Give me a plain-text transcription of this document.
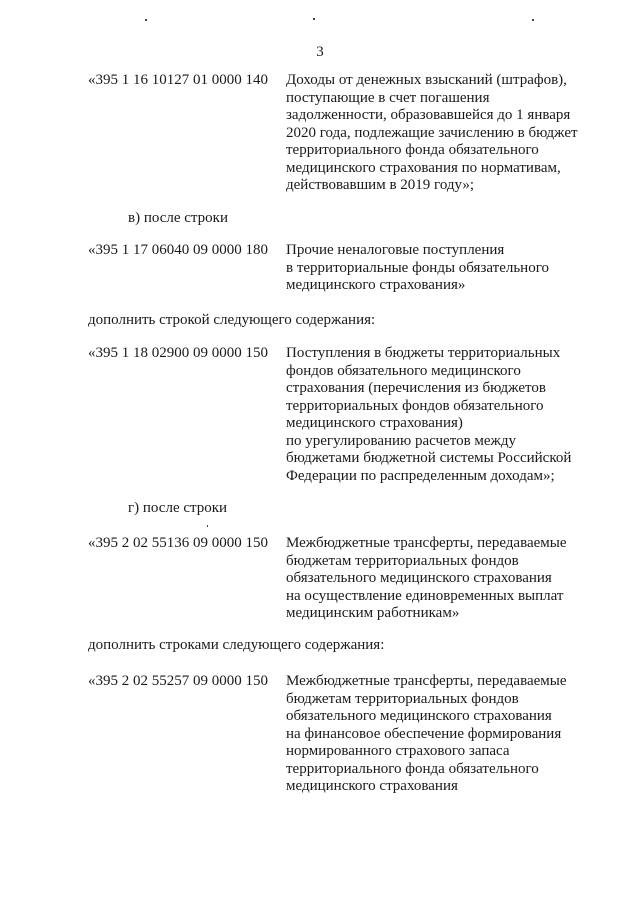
3
«395 1 16 10127 01 0000 140 Доходы от денежных взысканий (штрафов),
поступающие в счет погашения
задолженности, образовавшейся до 1 января
2020 года, подлежащие зачислению в бюджет
территориального фонда обязательного
медицинского страхования по нормативам,
действовавшим в 2019 году»;
в) после строки
«395 1 17 06040 09 0000 180 Прочие неналоговые поступления
в территориальные фонды обязательного
медицинского страхования»
дополнить строкой следующего содержания:
«395 1 18 02900 09 0000 150 Поступления в бюджеты территориальных
фондов обязательного медицинского
страхования (перечисления из бюджетов
территориальных фондов обязательного
медицинского страхования)
по урегулированию расчетов между
бюджетами бюджетной системы Российской
Федерации по распределенным доходам»;
г) после строки
«395 2 02 55136 09 0000 150 Межбюджетные трансферты, передаваемые
бюджетам территориальных фондов
обязательного медицинского страхования
на осуществление единовременных выплат
медицинским работникам»
дополнить строками следующего содержания:
«395 2 02 55257 09 0000 150 Межбюджетные трансферты, передаваемые
бюджетам территориальных фондов
обязательного медицинского страхования
на финансовое обеспечение формирования
нормированного страхового запаса
территориального фонда обязательного
медицинского страхования
